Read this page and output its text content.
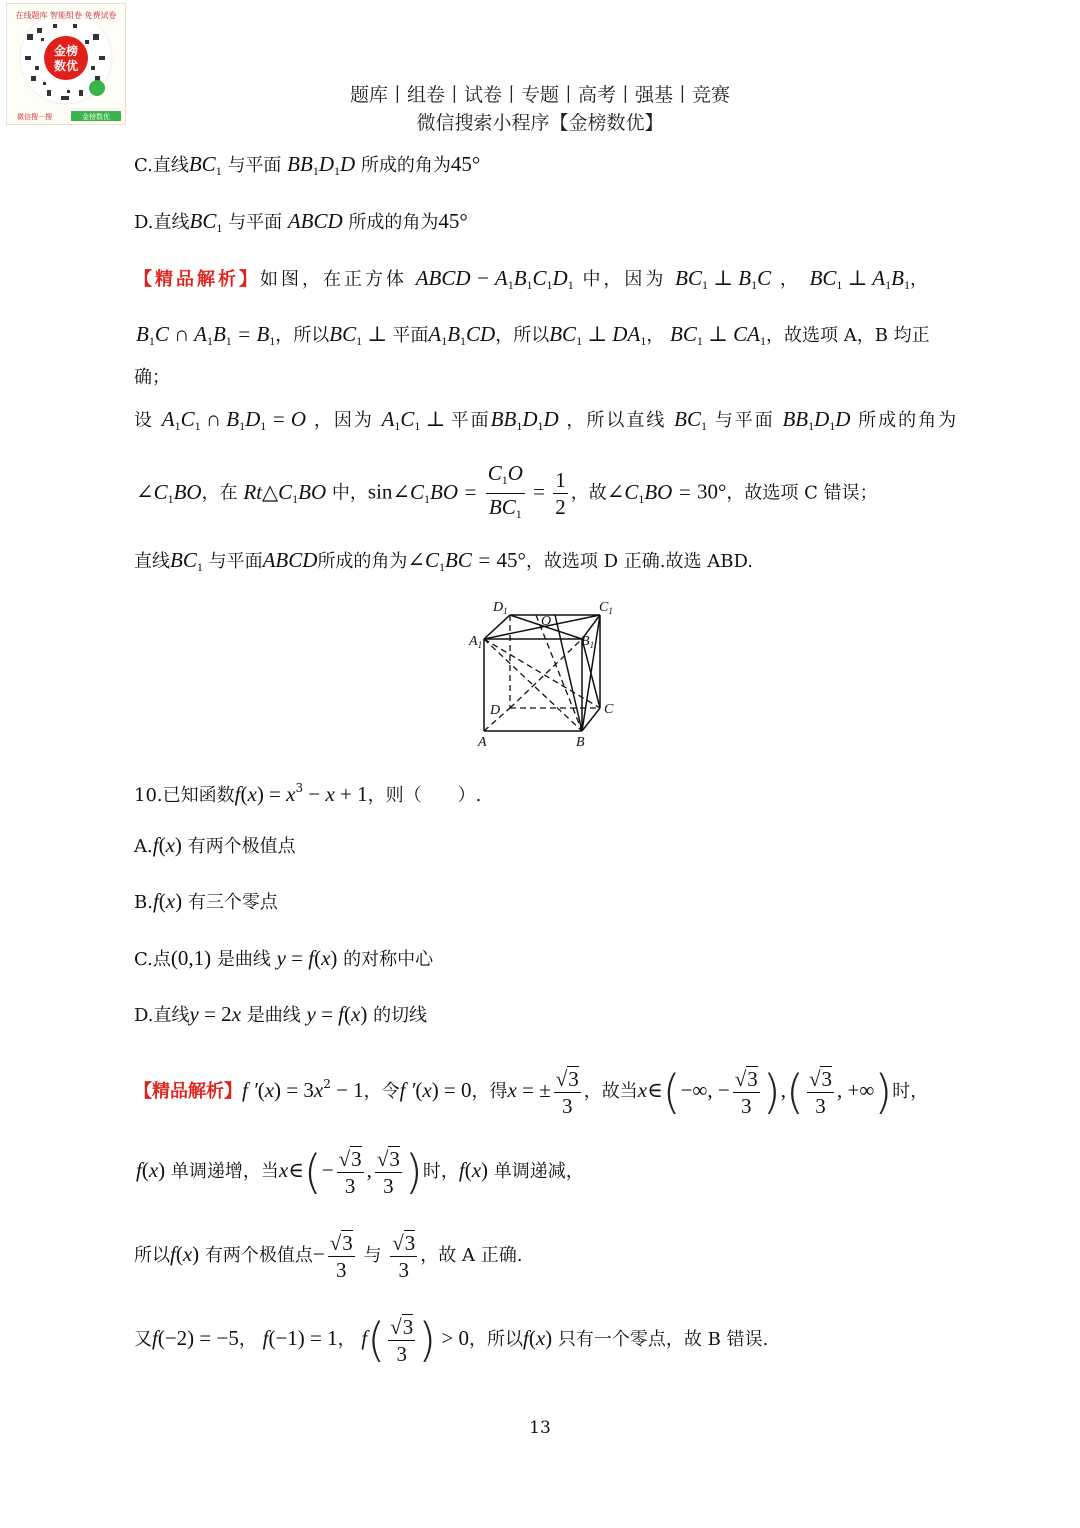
金榜
数优
在线题库 智能组卷 免费试卷
微信搜一搜	金榜数优
题库丨组卷丨试卷丨专题丨高考丨强基丨竞赛
微信搜索小程序【金榜数优】
C.直线$BC_1$ 与平面 $BB_1D_1D$ 所成的角为45°
D.直线$BC_1$ 与平面 ABCD 所成的角为45°
【精品解析】如图，在正方体 ABCD − $A_1B_1C_1D_1$ 中，因为 $BC_1$ ⊥ $B_1C$ ， $BC_1$ ⊥ $A_1B_1$，
$B_1C$ ∩ $A_1B_1 = B_1$，所以$BC_1$ ⊥ 平面$A_1B_1CD$，所以$BC_1$ ⊥ $DA_1$， $BC_1$ ⊥ $CA_1$，故选项 A，B 均正
确；
设 $A_1C_1$ ∩ $B_1D_1 = O$ ，因为 $A_1C_1$ ⊥ 平面$BB_1D_1D$ ，所以直线 $BC_1$ 与平面 $BB_1D_1D$ 所成的角为
$\angle C_1BO$，在 $Rt\triangle C_1BO$ 中，$\sin\angle C_1BO = \frac{C_1O}{BC_1} = \frac{1}{2}$ ，故$\angle C_1BO = 30^\circ$，故选项 C 错误；
直线$BC_1$ 与平面ABCD所成的角为$\angle C_1BC = 45^\circ$，故选项 D 正确.故选 ABD.
$D_1$	$C_1$
O
$A_1$	$B_1$
D	C
A	B
10.已知函数$f(x) = x^3 - x + 1$，则（　　）.
A.f(x) 有两个极值点
B.f(x) 有三个零点
C.点(0,1) 是曲线 y = f(x) 的对称中心
D.直线y = 2x 是曲线 y = f(x) 的切线
【精品解析】f $'(x) = 3x^2 - 1$，令f ′(x) = 0，得x = ± $\frac{√3}{3}$ ，故当x∈(−∞, − $\frac{√3}{3}$ ),( $\frac{√3}{3}$ , +∞)时，
f(x) 单调递增，当x∈(− $\frac{√3}{3}$ , $\frac{√3}{3}$ )时，f(x) 单调递减，
所以f(x) 有两个极值点− $\frac{√3}{3}$ 与 $\frac{√3}{3}$ ，故 A 正确.
又f(−2) = −5， f(−1) = 1， $f( \frac{√3}{3}$ ) > 0，所以f(x) 只有一个零点，故 B 错误.
13
